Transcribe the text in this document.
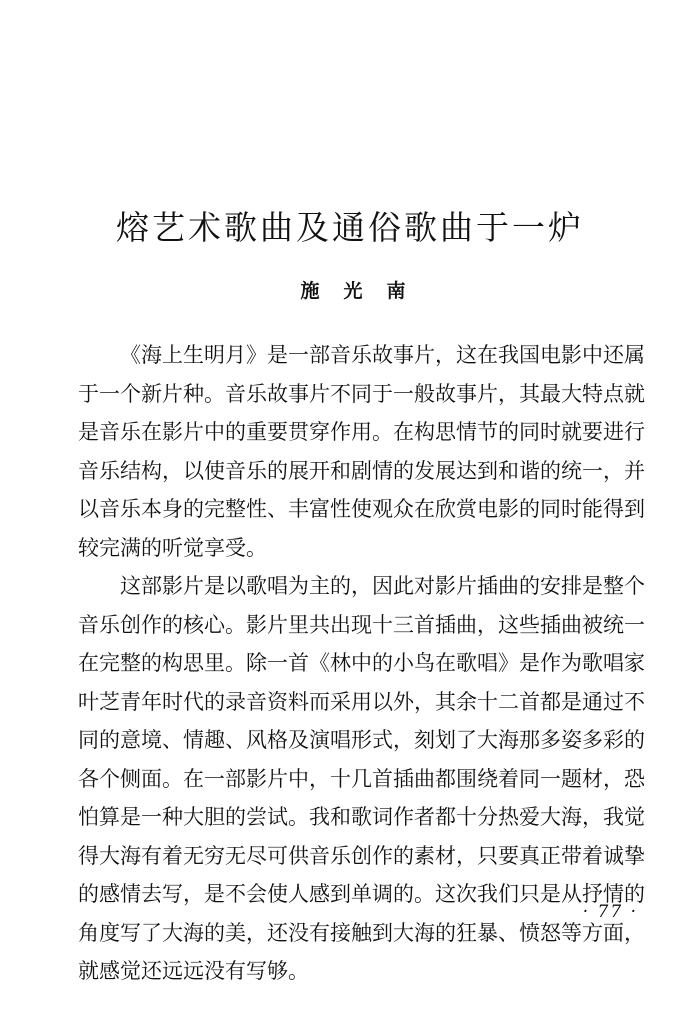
熔艺术歌曲及通俗歌曲于一炉
施光南

《海上生明月》是一部音乐故事片，这在我国电影中还属于一个新片种。音乐故事片不同于一般故事片，其最大特点就是音乐在影片中的重要贯穿作用。在构思情节的同时就要进行音乐结构，以使音乐的展开和剧情的发展达到和谐的统一，并以音乐本身的完整性、丰富性使观众在欣赏电影的同时能得到较完满的听觉享受。

这部影片是以歌唱为主的，因此对影片插曲的安排是整个音乐创作的核心。影片里共出现十三首插曲，这些插曲被统一在完整的构思里。除一首《林中的小鸟在歌唱》是作为歌唱家叶芝青年时代的录音资料而采用以外，其余十二首都是通过不同的意境、情趣、风格及演唱形式，刻划了大海那多姿多彩的各个侧面。在一部影片中，十几首插曲都围绕着同一题材，恐怕算是一种大胆的尝试。我和歌词作者都十分热爱大海，我觉得大海有着无穷无尽可供音乐创作的素材，只要真正带着诚挚的感情去写，是不会使人感到单调的。这次我们只是从抒情的角度写了大海的美，还没有接触到大海的狂暴、愤怒等方面，就感觉还远远没有写够。

· 77 ·
